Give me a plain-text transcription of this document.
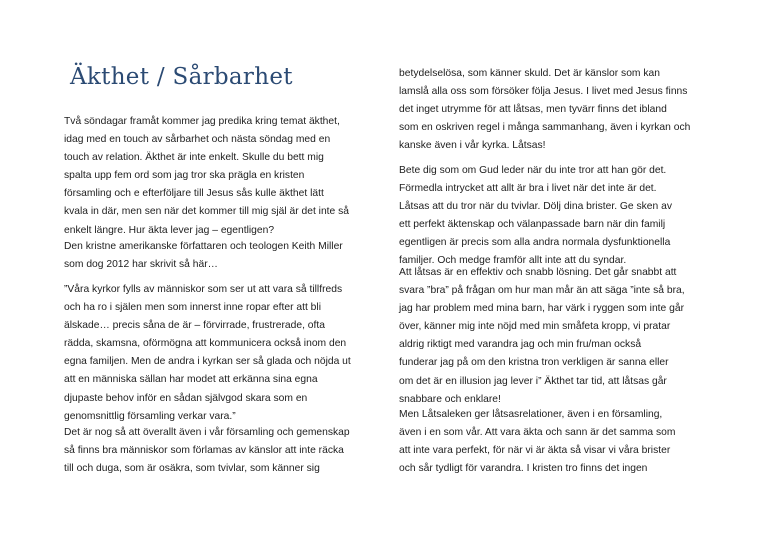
Äkthet / Sårbarhet

Två söndagar framåt kommer jag predika kring temat äkthet,
idag med en touch av sårbarhet och nästa söndag med en
touch av relation. Äkthet är inte enkelt. Skulle du bett mig
spalta upp fem ord som jag tror ska prägla en kristen
församling och e efterföljare till Jesus sås kulle äkthet lätt
kvala in där, men sen när det kommer till mig själ är det inte så
enkelt längre. Hur äkta lever jag – egentligen?

Den kristne amerikanske författaren och teologen Keith Miller
som dog 2012 har skrivit så här…

”Våra kyrkor fylls av människor som ser ut att vara så tillfreds
och ha ro i själen men som innerst inne ropar efter att bli
älskade… precis såna de är – förvirrade, frustrerade, ofta
rädda, skamsna, oförmögna att kommunicera också inom den
egna familjen. Men de andra i kyrkan ser så glada och nöjda ut
att en människa sällan har modet att erkänna sina egna
djupaste behov inför en sådan självgod skara som en
genomsnittlig församling verkar vara.”

Det är nog så att överallt även i vår församling och gemenskap
så finns bra människor som förlamas av känslor att inte räcka
till och duga, som är osäkra, som tvivlar, som känner sig

betydelselösa, som känner skuld. Det är känslor som kan
lamslå alla oss som försöker följa Jesus. I livet med Jesus finns
det inget utrymme för att låtsas, men tyvärr finns det ibland
som en oskriven regel i många sammanhang, även i kyrkan och
kanske även i vår kyrka. Låtsas!

Bete dig som om Gud leder när du inte tror att han gör det.
Förmedla intrycket att allt är bra i livet när det inte är det.
Låtsas att du tror när du tvivlar. Dölj dina brister. Ge sken av
ett perfekt äktenskap och välanpassade barn när din familj
egentligen är precis som alla andra normala dysfunktionella
familjer. Och medge framför allt inte att du syndar.

Att låtsas är en effektiv och snabb lösning. Det går snabbt att
svara ”bra” på frågan om hur man mår än att säga ”inte så bra,
jag har problem med mina barn, har värk i ryggen som inte går
över, känner mig inte nöjd med min småfeta kropp, vi pratar
aldrig riktigt med varandra jag och min fru/man också
funderar jag på om den kristna tron verkligen är sanna eller
om det är en illusion jag lever i” Äkthet tar tid, att låtsas går
snabbare och enklare!

Men Låtsaleken ger låtsasrelationer, även i en församling,
även i en som vår. Att vara äkta och sann är det samma som
att inte vara perfekt, för när vi är äkta så visar vi våra brister
och sår tydligt för varandra. I kristen tro finns det ingen
